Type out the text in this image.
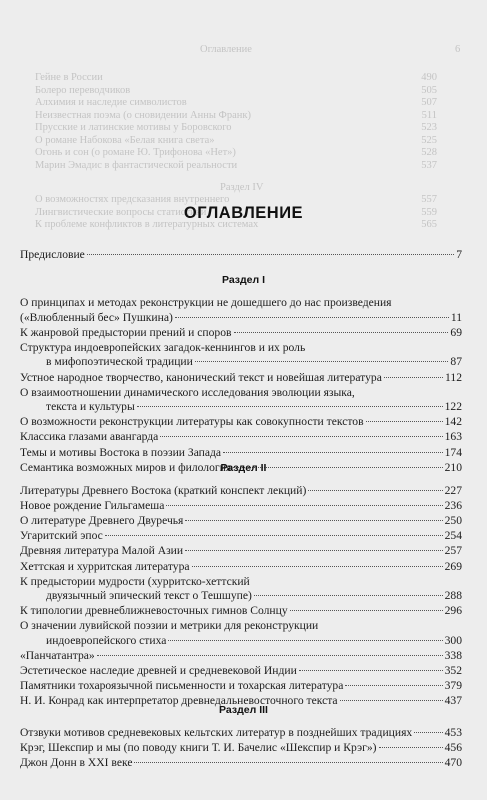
6
Оглавление
Гейне в России	490
Болеро переводчиков	505
Алхимия и наследие символистов	507
Неизвестная поэма (о сновидении Анны Франк)	511
Прусские и латинские мотивы у Боровского	523
О романе Набокова «Белая книга света»	525
Огонь и сон (о романе Ю. Трифонова «Нет»)	528
Марин Эмадис в фантастической реальности	537
Раздел IV
О возможностях предсказания внутреннего	557
Лингвистические вопросы статистики	559
К проблеме конфликтов в литературных системах	565
ОГЛАВЛЕНИЕ
Предисловие	7
Раздел I
О принципах и методах реконструкции не дошедшего до нас произведения
(«Влюбленный бес» Пушкина)	11
К жанровой предыстории прений и споров	69
Структура индоевропейских загадок-кеннингов и их роль
в мифопоэтической традиции	87
Устное народное творчество, канонический текст и новейшая литература	112
О взаимоотношении динамического исследования эволюции языка,
текста и культуры	122
О возможности реконструкции литературы как совокупности текстов	142
Классика глазами авангарда	163
Темы и мотивы Востока в поэзии Запада	174
Семантика возможных миров и филология	210
Раздел II
Литературы Древнего Востока (краткий конспект лекций)	227
Новое рождение Гильгамеша	236
О литературе Древнего Двуречья	250
Угаритский эпос	254
Древняя литература Малой Азии	257
Хеттская и хурритская литература	269
К предыстории мудрости (хурритско-хеттский
двуязычный эпический текст о Тешшупе)	288
К типологии древнеближневосточных гимнов Солнцу	296
О значении лувийской поэзии и метрики для реконструкции
индоевропейского стиха	300
«Панчатантра»	338
Эстетическое наследие древней и средневековой Индии	352
Памятники тохароязычной письменности и тохарская литература	379
Н. И. Конрад как интерпретатор древнедальневосточного текста	437
Раздел III
Отзвуки мотивов средневековых кельтских литератур в позднейших традициях	453
Крэг, Шекспир и мы (по поводу книги Т. И. Бачелис «Шекспир и Крэг»)	456
Джон Донн в XXI веке	470
